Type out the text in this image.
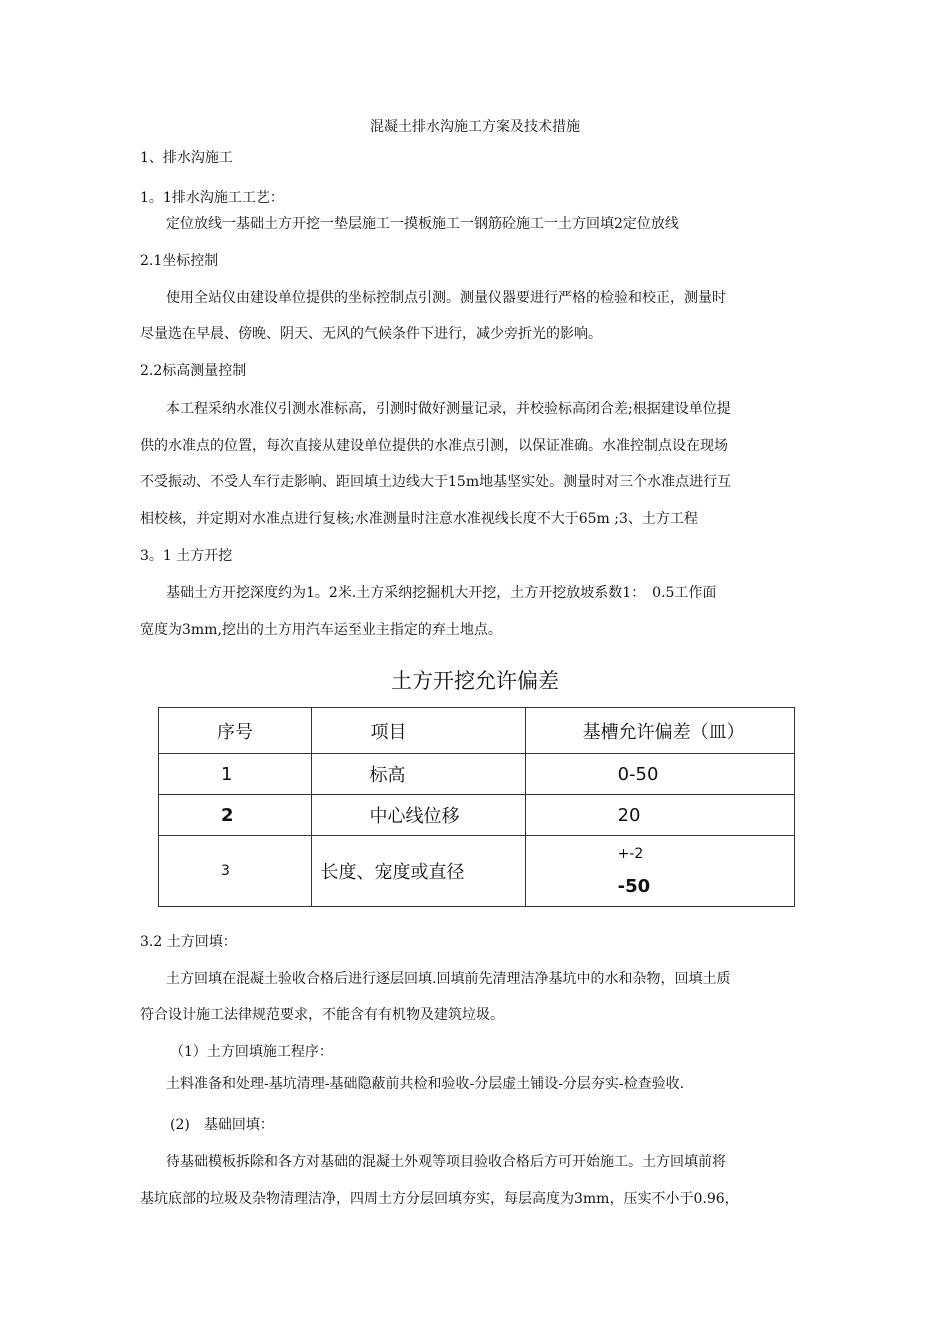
混凝土排水沟施工方案及技术措施
1、排水沟施工
1。1排水沟施工工艺：
定位放线一基础土方开挖一垫层施工一摸板施工一钢筋砼施工一土方回填2定位放线
2.1坐标控制
使用全站仪由建设单位提供的坐标控制点引测。测量仪器要进行严格的检验和校正，测量时
尽量选在早晨、傍晚、阴天、无风的气候条件下进行，减少旁折光的影响。
2.2标高测量控制
本工程采纳水准仪引测水准标高，引测时做好测量记录，并校验标高闭合差;根据建设单位提
供的水准点的位置，每次直接从建设单位提供的水准点引测，以保证准确。水准控制点设在现场
不受振动、不受人车行走影响、距回填土边线大于15m地基坚实处。测量时对三个水准点进行互
相校核，并定期对水准点进行复核;水准测量时注意水准视线长度不大于65m ;3、土方工程
3。1 土方开挖
基础土方开挖深度约为1。2米.土方采纳挖掘机大开挖，土方开挖放坡系数1：　0.5工作面
宽度为3mm,挖出的土方用汽车运至业主指定的弃土地点。
土方开挖允许偏差
序号	项目	基槽允许偏差（皿）
1	标高	0-50
2	中心线位移	20
3	长度、宠度或直径	+-2
-50
3.2 土方回填：
土方回填在混凝土验收合格后进行逐层回填.回填前先清理洁净基坑中的水和杂物，回填土质
符合设计施工法律规范要求，不能含有有机物及建筑垃圾。
（1）土方回填施工程序：
土料准备和处理-基坑清理-基础隐蔽前共检和验收-分层虚土铺设-分层夯实-检查验收.
(2)　基础回填：
待基础模板拆除和各方对基础的混凝土外观等项目验收合格后方可开始施工。土方回填前将
基坑底部的垃圾及杂物清理洁净，四周土方分层回填夯实，每层高度为3mm，压实不小于0.96，
